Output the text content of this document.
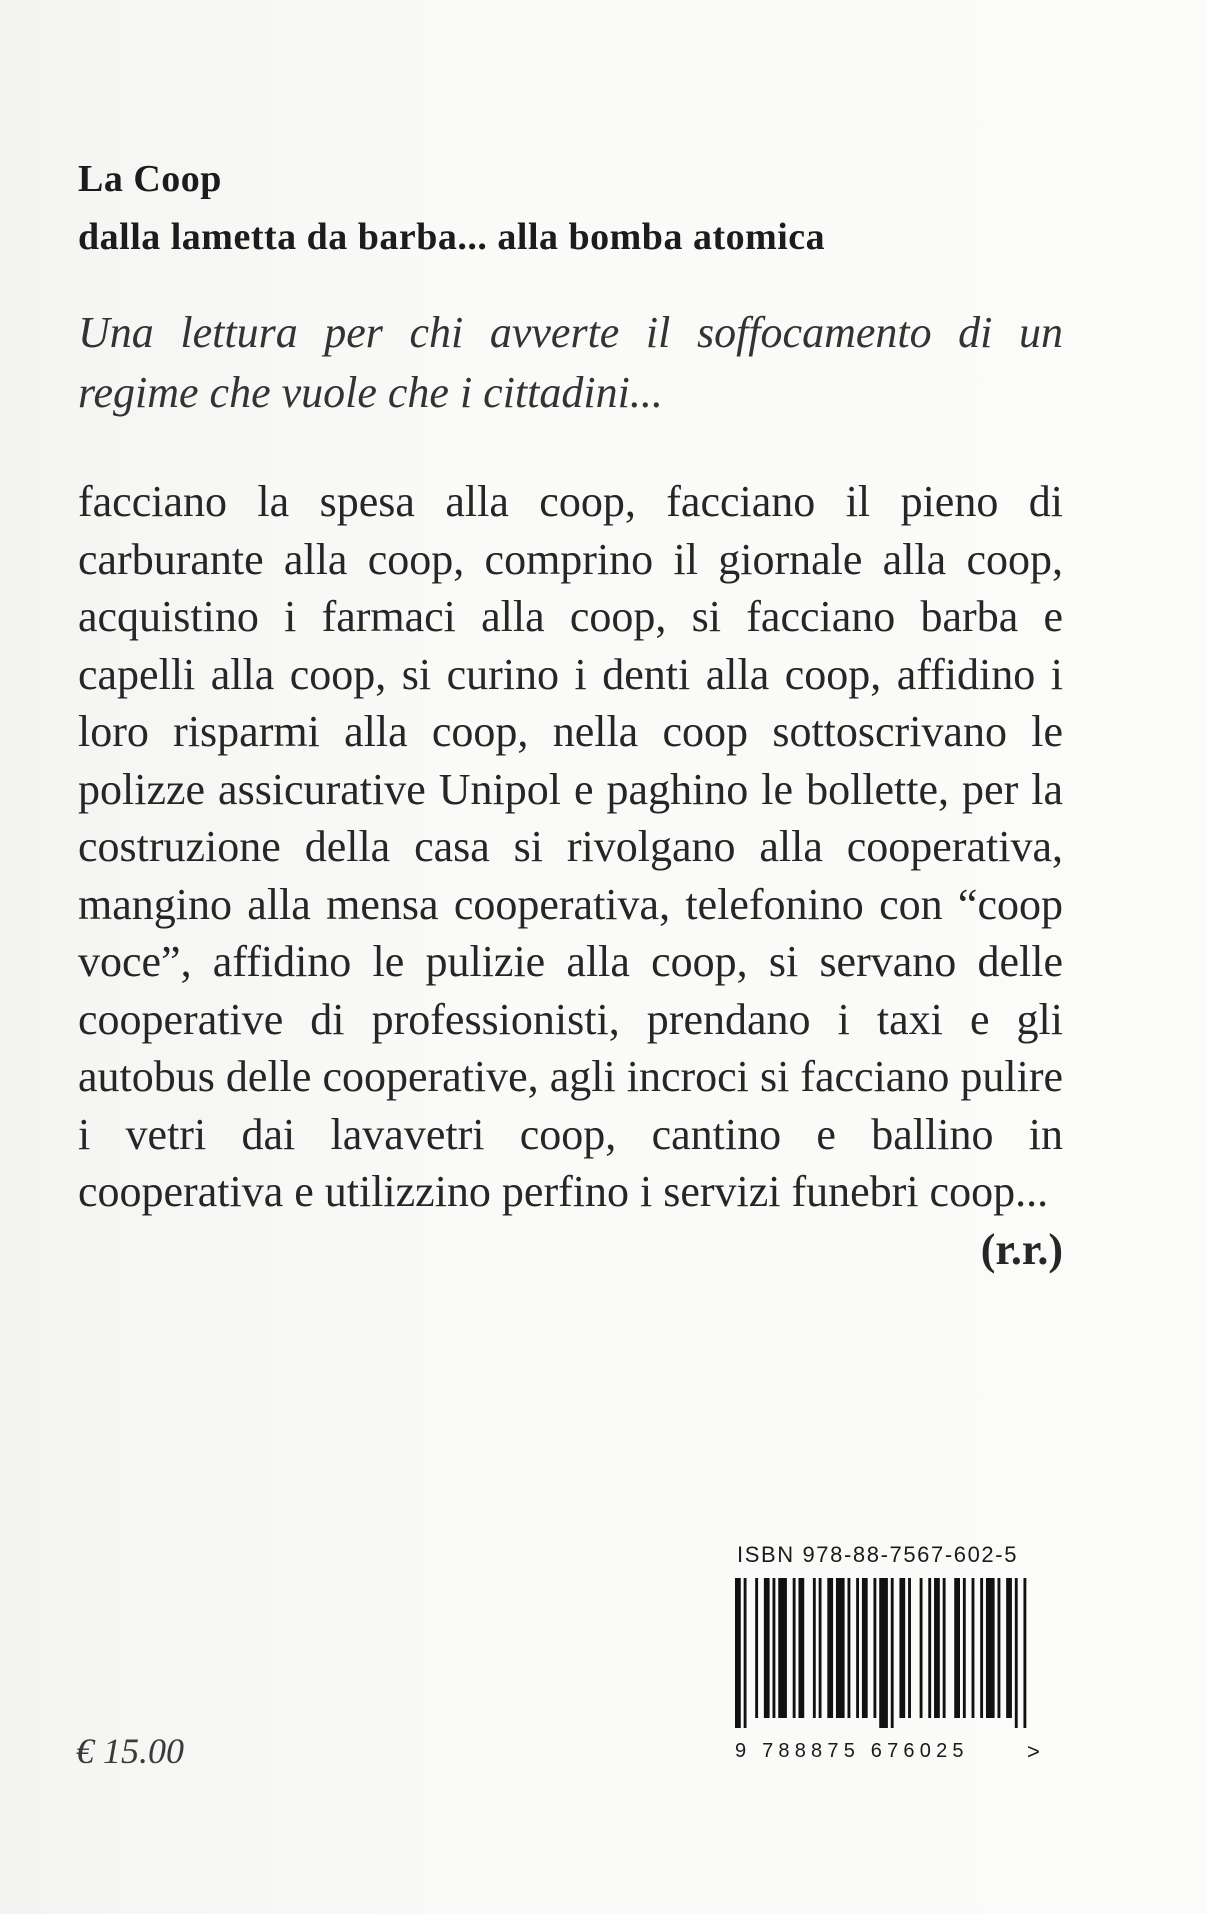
La Coop

dalla lametta da barba... alla bomba atomica

Una lettura per chi avverte il soffocamento di un regime che vuole che i cittadini...

facciano la spesa alla coop, facciano il pieno di carburante alla coop, comprino il giornale alla coop, acquistino i farmaci alla coop, si facciano barba e capelli alla coop, si curino i denti alla coop, affidino i loro risparmi alla coop, nella coop sottoscrivano le polizze assicurative Unipol e paghino le bollette, per la costruzione della casa si rivolgano alla cooperativa, mangino alla mensa cooperativa, telefonino con “coop voce”, affidino le pulizie alla coop, si servano delle cooperative di professionisti, prendano i taxi e gli autobus delle cooperative, agli incroci si facciano pulire i vetri dai lavavetri coop, cantino e ballino in cooperativa e utilizzino perfino i servizi funebri coop...
(r.r.)

ISBN 978-88-7567-602-5
9 788875 676025	>
€ 15.00
